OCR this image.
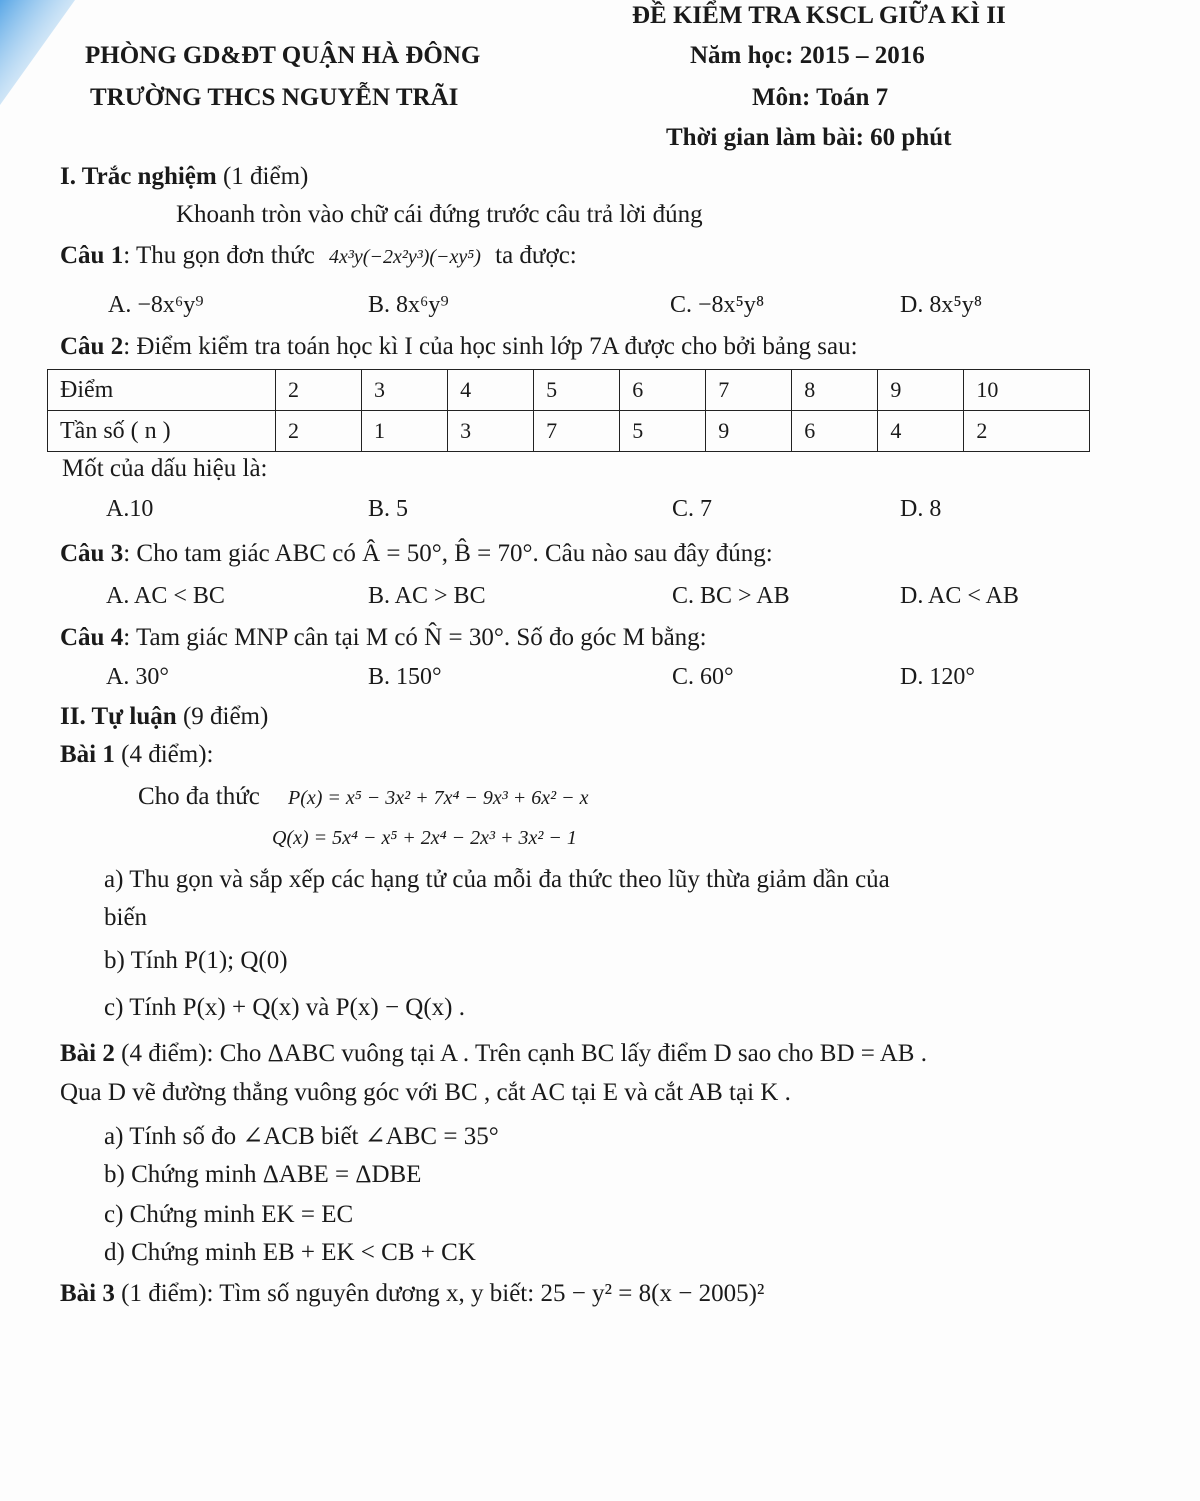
ĐỀ KIỂM TRA KSCL GIỮA KÌ II
PHÒNG GD&ĐT QUẬN HÀ ĐÔNG	Năm học: 2015 – 2016
TRƯỜNG THCS NGUYỄN TRÃI	Môn: Toán 7
Thời gian làm bài: 60 phút
I. Trắc nghiệm (1 điểm)
Khoanh tròn vào chữ cái đứng trước câu trả lời đúng
Câu 1: Thu gọn đơn thức 4x³y(−2x²y³)(−xy⁵) ta được:
A. −8x⁶y⁹	B. 8x⁶y⁹	C. −8x⁵y⁸	D. 8x⁵y⁸
Câu 2: Điểm kiểm tra toán học kì I của học sinh lớp 7A được cho bởi bảng sau:
Điểm	2	3	4	5	6	7	8	9	10
Tần số ( n )	2	1	3	7	5	9	6	4	2
Mốt của dấu hiệu là:
A.10	B. 5	C. 7	D. 8
Câu 3: Cho tam giác ABC có Â = 50°, B̂ = 70°. Câu nào sau đây đúng:
A. AC < BC	B. AC > BC	C. BC > AB	D. AC < AB
Câu 4: Tam giác MNP cân tại M có N̂ = 30°. Số đo góc M bằng:
A. 30°	B. 150°	C. 60°	D. 120°
II. Tự luận (9 điểm)
Bài 1 (4 điểm):
Cho đa thức P(x) = x⁵ − 3x² + 7x⁴ − 9x³ + 6x² − x
Q(x) = 5x⁴ − x⁵ + 2x⁴ − 2x³ + 3x² − 1
a) Thu gọn và sắp xếp các hạng tử của mỗi đa thức theo lũy thừa giảm dần của
biến
b) Tính P(1); Q(0)
c) Tính P(x) + Q(x) và P(x) − Q(x) .
Bài 2 (4 điểm): Cho ΔABC vuông tại A . Trên cạnh BC lấy điểm D sao cho BD = AB .
Qua D vẽ đường thẳng vuông góc với BC , cắt AC tại E và cắt AB tại K .
a) Tính số đo ∠ACB biết ∠ABC = 35°
b) Chứng minh ΔABE = ΔDBE
c) Chứng minh EK = EC
d) Chứng minh EB + EK < CB + CK
Bài 3 (1 điểm): Tìm số nguyên dương x, y biết: 25 − y² = 8(x − 2005)²
